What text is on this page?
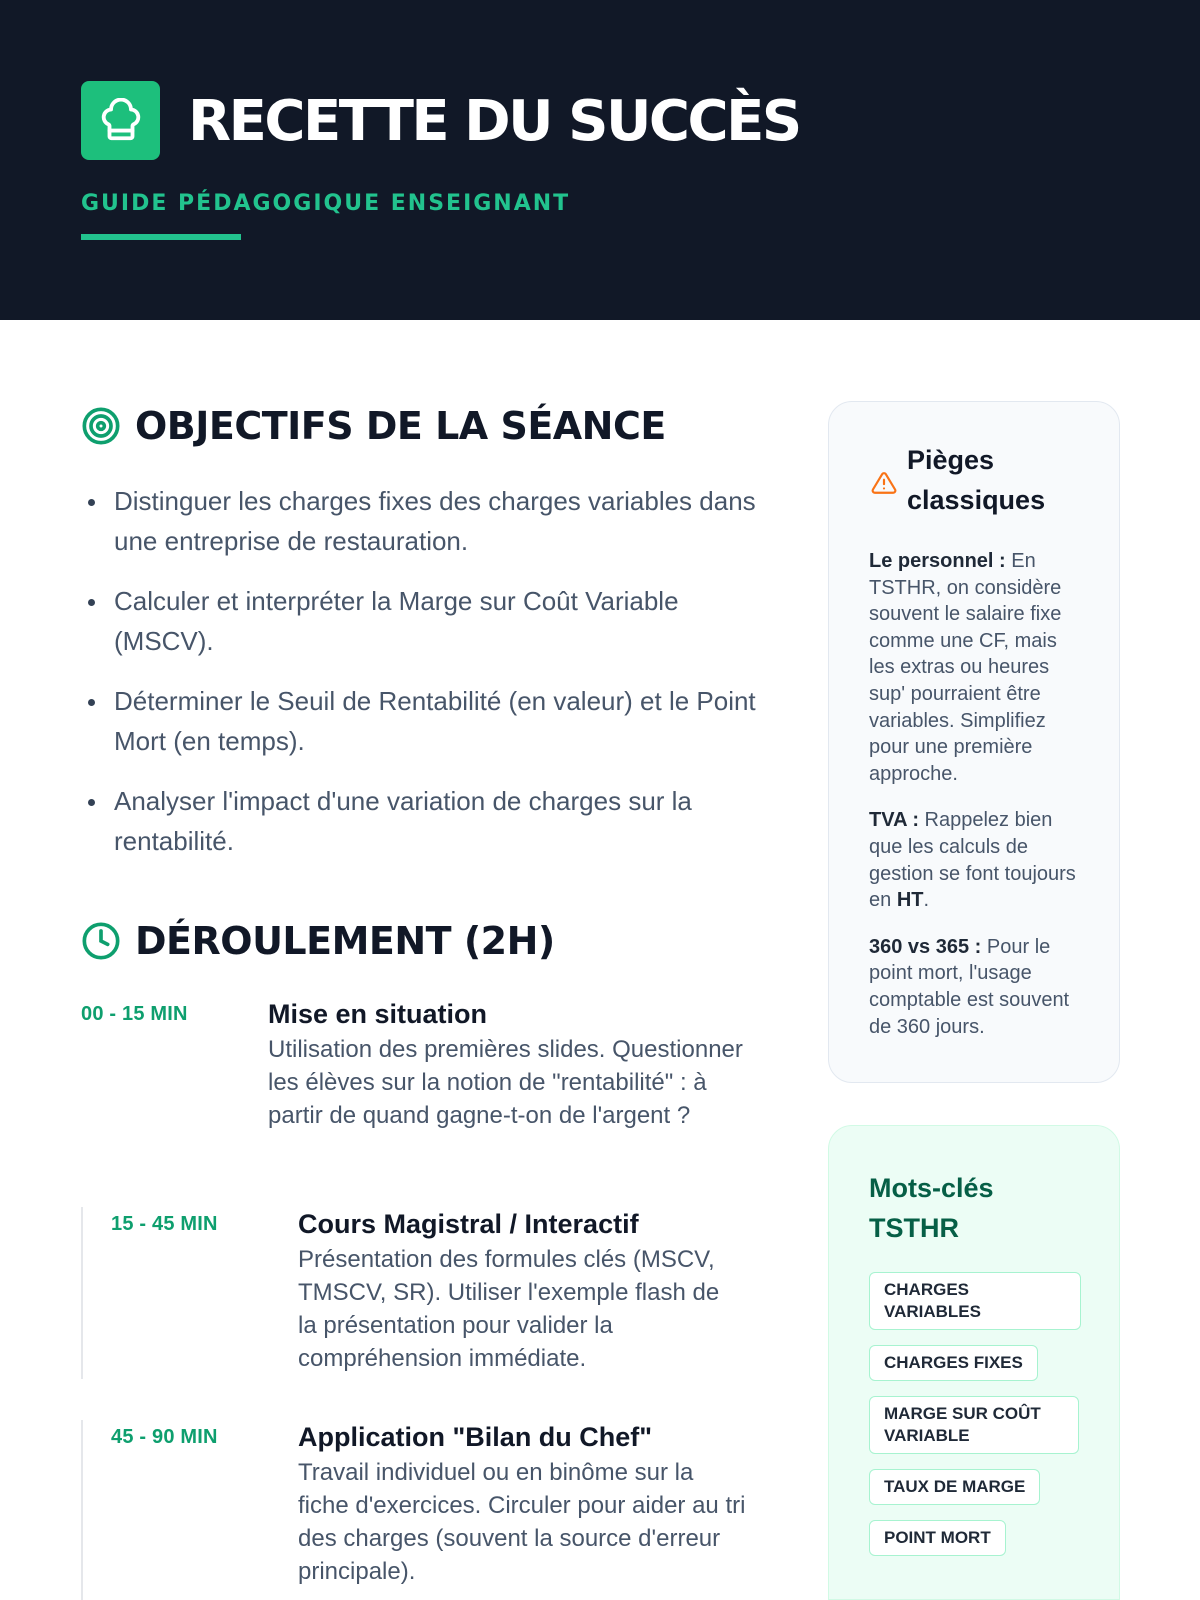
RECETTE DU SUCCÈS
GUIDE PÉDAGOGIQUE ENSEIGNANT
OBJECTIFS DE LA SÉANCE
Distinguer les charges fixes des charges variables dans une entreprise de restauration.
Calculer et interpréter la Marge sur Coût Variable (MSCV).
Déterminer le Seuil de Rentabilité (en valeur) et le Point Mort (en temps).
Analyser l'impact d'une variation de charges sur la rentabilité.
DÉROULEMENT (2H)
00 - 15 MIN	Mise en situation
Utilisation des premières slides. Questionner les élèves sur la notion de "rentabilité" : à partir de quand gagne-t-on de l'argent ?
15 - 45 MIN	Cours Magistral / Interactif
Présentation des formules clés (MSCV, TMSCV, SR). Utiliser l'exemple flash de la présentation pour valider la compréhension immédiate.
45 - 90 MIN	Application "Bilan du Chef"
Travail individuel ou en binôme sur la fiche d'exercices. Circuler pour aider au tri des charges (souvent la source d'erreur principale).
Pièges classiques

Le personnel : En TSTHR, on considère souvent le salaire fixe comme une CF, mais les extras ou heures sup' pourraient être variables. Simplifiez pour une première approche.

TVA : Rappelez bien que les calculs de gestion se font toujours en HT.

360 vs 365 : Pour le point mort, l'usage comptable est souvent de 360 jours.

Mots-clés TSTHR
CHARGES VARIABLES
CHARGES FIXES
MARGE SUR COÛT VARIABLE
TAUX DE MARGE
POINT MORT
